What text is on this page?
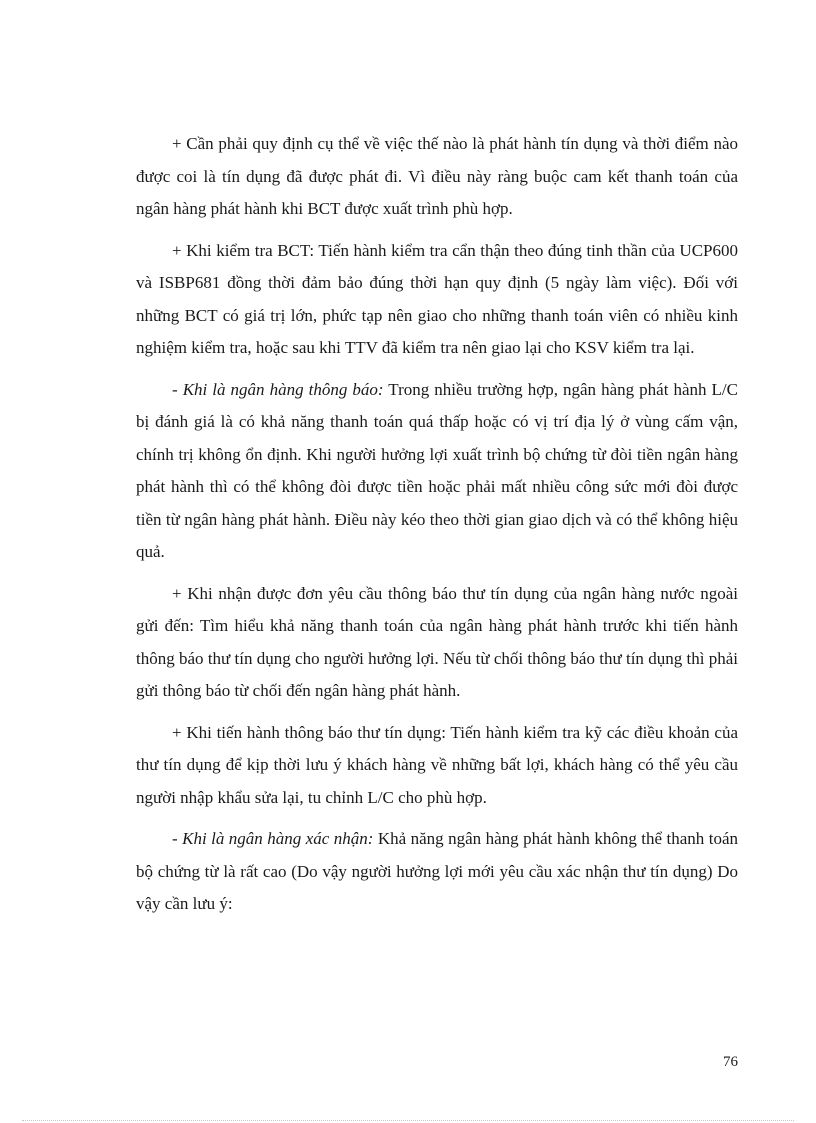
+ Cần phải quy định cụ thể về việc thế nào là phát hành tín dụng và thời điểm nào được coi là tín dụng đã được phát đi. Vì điều này ràng buộc cam kết thanh toán của ngân hàng phát hành khi BCT được xuất trình phù hợp.

+ Khi kiểm tra BCT: Tiến hành kiểm tra cẩn thận theo đúng tinh thần của UCP600 và ISBP681 đồng thời đảm bảo đúng thời hạn quy định (5 ngày làm việc). Đối với những BCT có giá trị lớn, phức tạp nên giao cho những thanh toán viên có nhiều kinh nghiệm kiểm tra, hoặc sau khi TTV đã kiểm tra nên giao lại cho KSV kiểm tra lại.

- Khi là ngân hàng thông báo: Trong nhiều trường hợp, ngân hàng phát hành L/C bị đánh giá là có khả năng thanh toán quá thấp hoặc có vị trí địa lý ở vùng cấm vận, chính trị không ổn định. Khi người hưởng lợi xuất trình bộ chứng từ đòi tiền ngân hàng phát hành thì có thể không đòi được tiền hoặc phải mất nhiều công sức mới đòi được tiền từ ngân hàng phát hành. Điều này kéo theo thời gian giao dịch và có thể không hiệu quả.

+ Khi nhận được đơn yêu cầu thông báo thư tín dụng của ngân hàng nước ngoài gửi đến: Tìm hiểu khả năng thanh toán của ngân hàng phát hành trước khi tiến hành thông báo thư tín dụng cho người hưởng lợi. Nếu từ chối thông báo thư tín dụng thì phải gửi thông báo từ chối đến ngân hàng phát hành.

+ Khi tiến hành thông báo thư tín dụng: Tiến hành kiểm tra kỹ các điều khoản của thư tín dụng để kịp thời lưu ý khách hàng về những bất lợi, khách hàng có thể yêu cầu người nhập khẩu sửa lại, tu chỉnh L/C cho phù hợp.

- Khi là ngân hàng xác nhận: Khả năng ngân hàng phát hành không thể thanh toán bộ chứng từ là rất cao (Do vậy người hưởng lợi mới yêu cầu xác nhận thư tín dụng) Do vậy cần lưu ý:

76
